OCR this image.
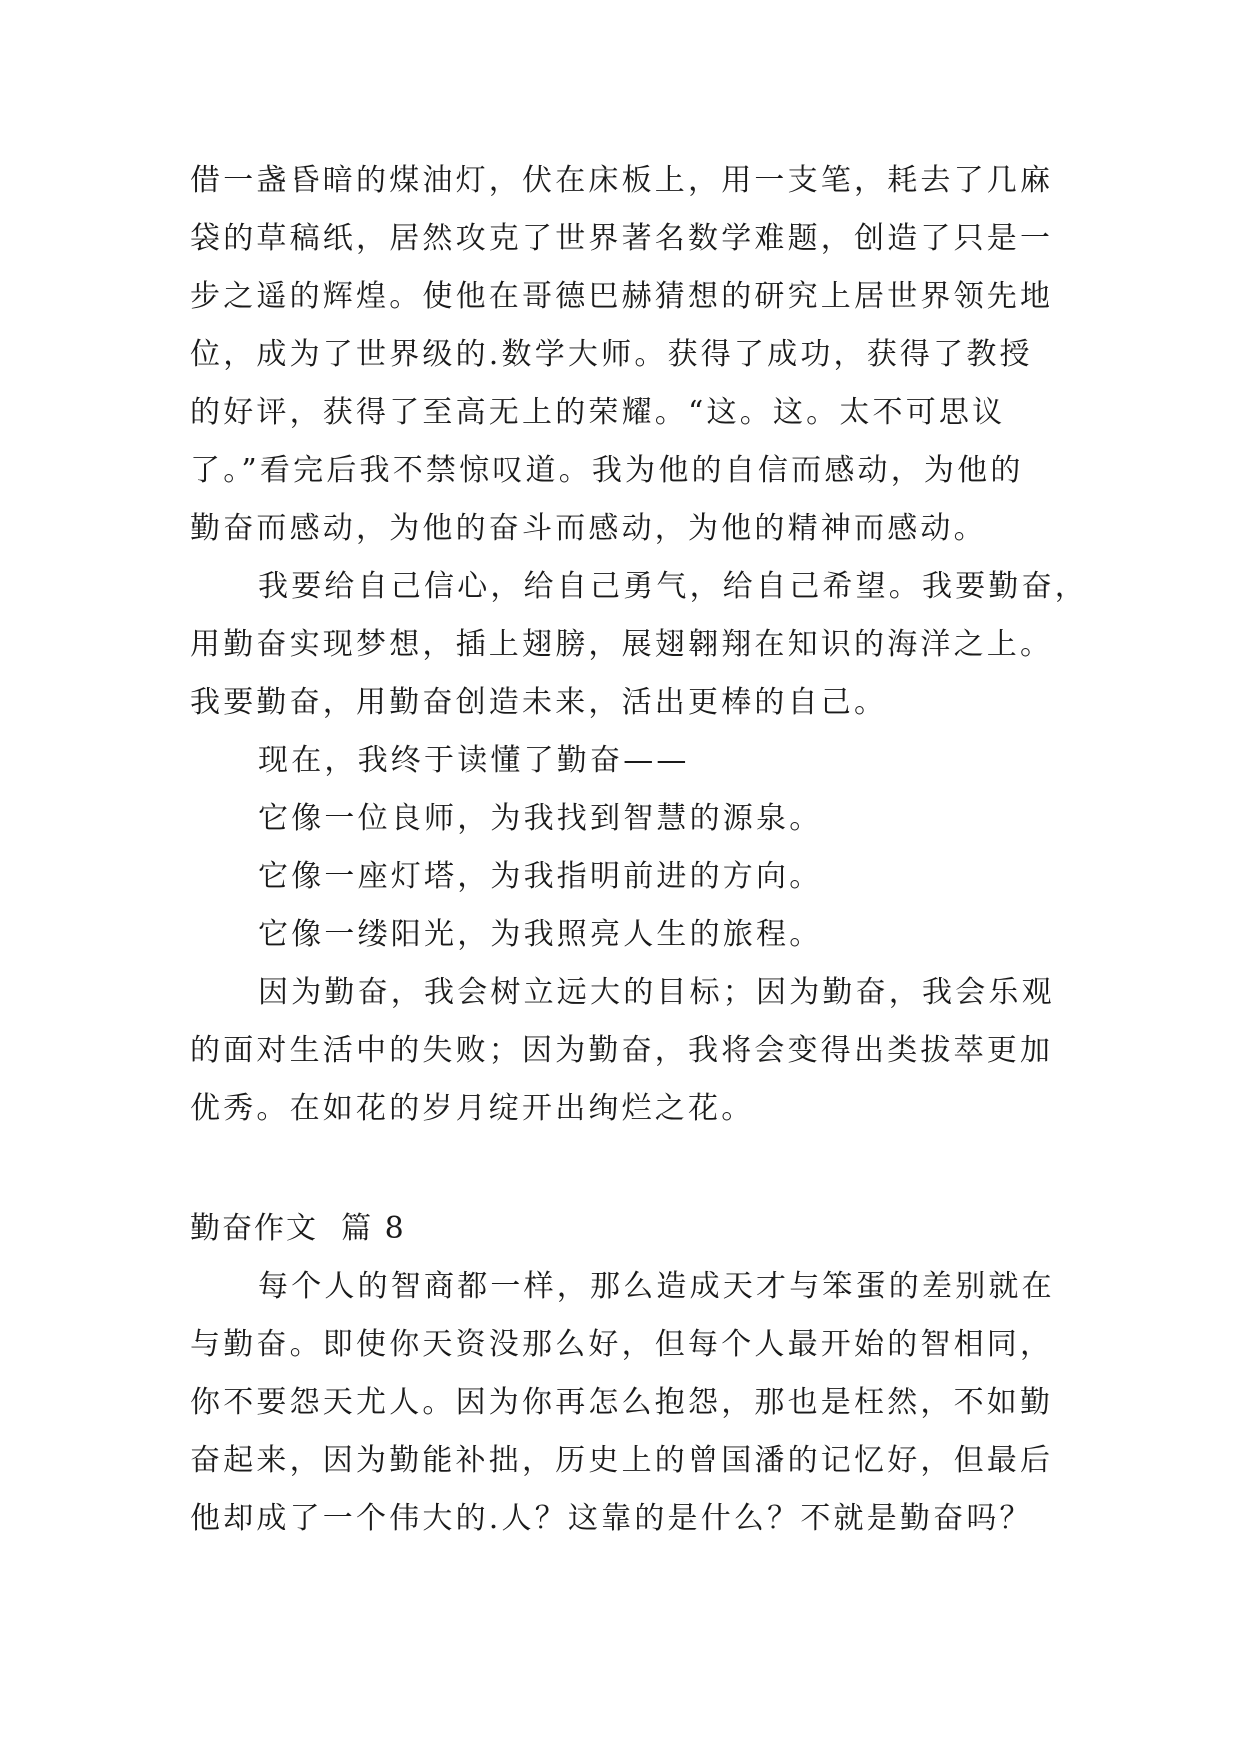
借一盏昏暗的煤油灯，伏在床板上，用一支笔，耗去了几麻
袋的草稿纸，居然攻克了世界著名数学难题，创造了只是一
步之遥的辉煌。使他在哥德巴赫猜想的研究上居世界领先地
位，成为了世界级的.数学大师。获得了成功，获得了教授
的好评，获得了至高无上的荣耀。“这。这。太不可思议
了。”看完后我不禁惊叹道。我为他的自信而感动，为他的
勤奋而感动，为他的奋斗而感动，为他的精神而感动。
我要给自己信心，给自己勇气，给自己希望。我要勤奋，
用勤奋实现梦想，插上翅膀，展翅翱翔在知识的海洋之上。
我要勤奋，用勤奋创造未来，活出更棒的自己。
现在，我终于读懂了勤奋——
它像一位良师，为我找到智慧的源泉。
它像一座灯塔，为我指明前进的方向。
它像一缕阳光，为我照亮人生的旅程。
因为勤奋，我会树立远大的目标；因为勤奋，我会乐观
的面对生活中的失败；因为勤奋，我将会变得出类拔萃更加
优秀。在如花的岁月绽开出绚烂之花。
勤奋作文  篇 8
每个人的智商都一样，那么造成天才与笨蛋的差别就在
与勤奋。即使你天资没那么好，但每个人最开始的智相同，
你不要怨天尤人。因为你再怎么抱怨，那也是枉然，不如勤
奋起来，因为勤能补拙，历史上的曾国潘的记忆好，但最后
他却成了一个伟大的.人？这靠的是什么？不就是勤奋吗？
